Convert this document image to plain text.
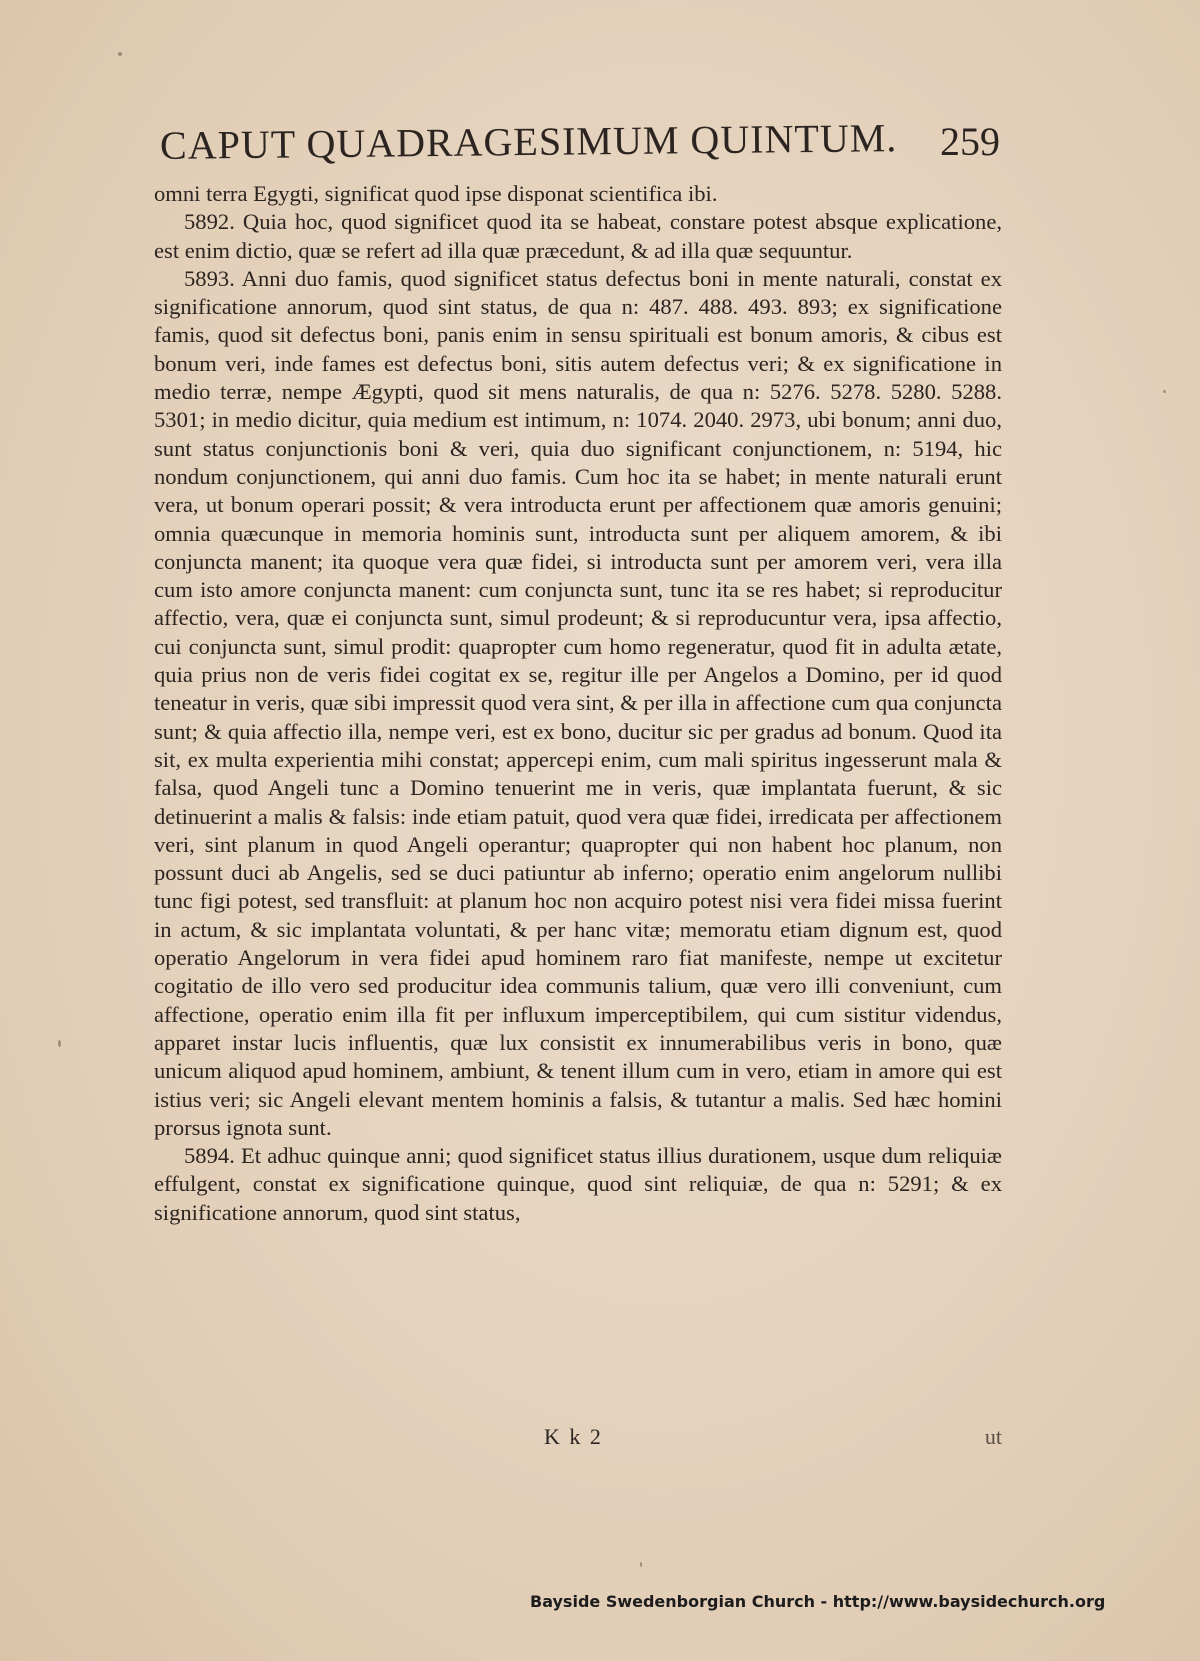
CAPUT QUADRAGESIMUM QUINTUM. 259

omni terra Egygti, significat quod ipse disponat scientifica ibi.

5892. Quia hoc, quod significet quod ita se habeat, constare potest absque explicatione, est enim dictio, quæ se refert ad illa quæ præcedunt, & ad illa quæ sequuntur.

5893. Anni duo famis, quod significet status defectus boni in mente naturali, constat ex significatione annorum, quod sint status, de qua n: 487. 488. 493. 893; ex significatione famis, quod sit defectus boni, panis enim in sensu spirituali est bonum amoris, & cibus est bonum veri, inde fames est defectus boni, sitis autem defectus veri; & ex significatione in medio terræ, nempe Ægypti, quod sit mens naturalis, de qua n: 5276. 5278. 5280. 5288. 5301; in medio dicitur, quia medium est intimum, n: 1074. 2040. 2973, ubi bonum; anni duo, sunt status conjunctionis boni & veri, quia duo significant conjunctionem, n: 5194, hic nondum conjunctionem, qui anni duo famis. Cum hoc ita se habet; in mente naturali erunt vera, ut bonum operari possit; & vera introducta erunt per affectionem quæ amoris genuini; omnia quæcunque in memoria hominis sunt, introducta sunt per aliquem amorem, & ibi conjuncta manent; ita quoque vera quæ fidei, si introducta sunt per amorem veri, vera illa cum isto amore conjuncta manent: cum conjuncta sunt, tunc ita se res habet; si reproducitur affectio, vera, quæ ei conjuncta sunt, simul prodeunt; & si reproducuntur vera, ipsa affectio, cui conjuncta sunt, simul prodit: quapropter cum homo regeneratur, quod fit in adulta ætate, quia prius non de veris fidei cogitat ex se, regitur ille per Angelos a Domino, per id quod teneatur in veris, quæ sibi impressit quod vera sint, & per illa in affectione cum qua conjuncta sunt; & quia affectio illa, nempe veri, est ex bono, ducitur sic per gradus ad bonum. Quod ita sit, ex multa experientia mihi constat; appercepi enim, cum mali spiritus ingesserunt mala & falsa, quod Angeli tunc a Domino tenuerint me in veris, quæ implantata fuerunt, & sic detinuerint a malis & falsis: inde etiam patuit, quod vera quæ fidei, irredicata per affectionem veri, sint planum in quod Angeli operantur; quapropter qui non habent hoc planum, non possunt duci ab Angelis, sed se duci patiuntur ab inferno; operatio enim angelorum nullibi tunc figi potest, sed transfluit: at planum hoc non acquiro potest nisi vera fidei missa fuerint in actum, & sic implantata voluntati, & per hanc vitæ; memoratu etiam dignum est, quod operatio Angelorum in vera fidei apud hominem raro fiat manifeste, nempe ut excitetur cogitatio de illo vero sed producitur idea communis talium, quæ vero illi conveniunt, cum affectione, operatio enim illa fit per influxum imperceptibilem, qui cum sistitur videndus, apparet instar lucis influentis, quæ lux consistit ex innumerabilibus veris in bono, quæ unicum aliquod apud hominem, ambiunt, & tenent illum cum in vero, etiam in amore qui est istius veri; sic Angeli elevant mentem hominis a falsis, & tutantur a malis. Sed hæc homini prorsus ignota sunt.

5894. Et adhuc quinque anni; quod significet status illius durationem, usque dum reliquiæ effulgent, constat ex significatione quinque, quod sint reliquiæ, de qua n: 5291; & ex significatione annorum, quod sint status,

K k 2	ut
Bayside Swedenborgian Church - http://www.baysidechurch.org
